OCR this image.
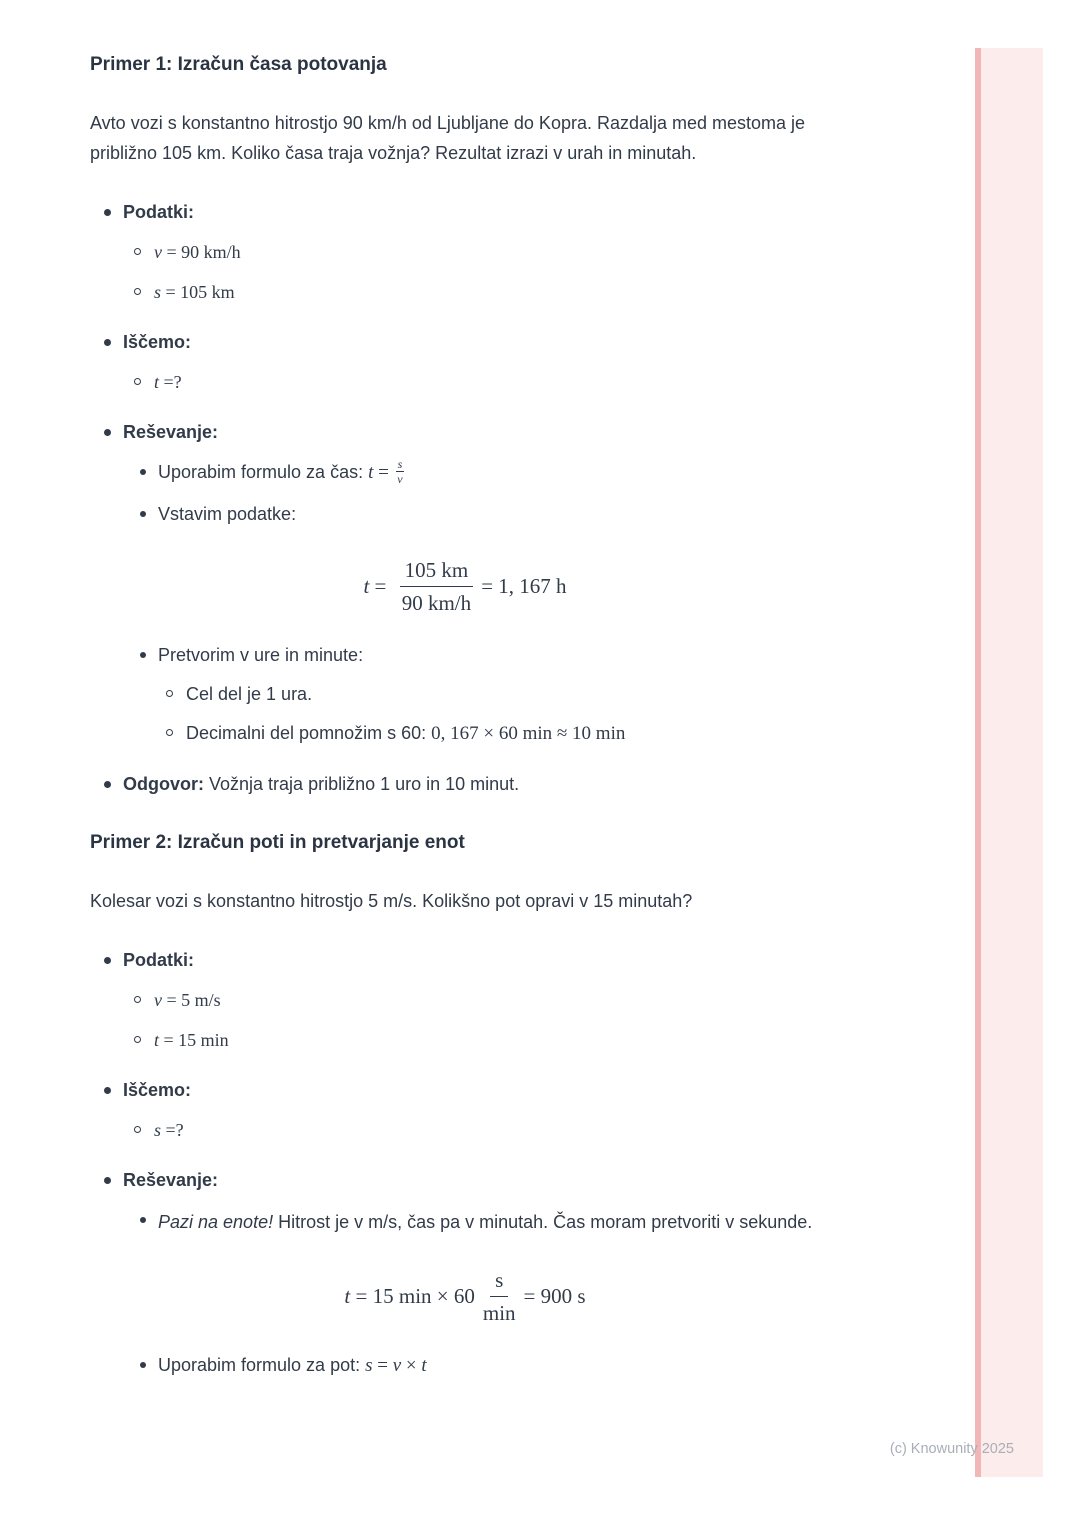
(c) Knowunity 2025
Primer 1: Izračun časa potovanja

Avto vozi s konstantno hitrostjo 90 km/h od Ljubljane do Kopra. Razdalja med mestoma je približno 105 km. Koliko časa traja vožnja? Rezultat izrazi v urah in minutah.

Podatki:
v = 90 km/h
s = 105 km
Iščemo:
t =?
Reševanje:
Uporabim formulo za čas: $t = \frac{s}{v}$
Vstavim podatke:
$t = \frac{105 km}{90 km/h} = 1$, 167 h
Pretvorim v ure in minute:
Cel del je 1 ura.
Decimalni del pomnožim s 60: 0, 167 × 60 min ≈ 10 min
Odgovor: Vožnja traja približno 1 uro in 10 minut.
Primer 2: Izračun poti in pretvarjanje enot

Kolesar vozi s konstantno hitrostjo 5 m/s. Kolikšno pot opravi v 15 minutah?

Podatki:
v = 5 m/s
t = 15 min
Iščemo:
s =?
Reševanje:
Pazi na enote! Hitrost je v m/s, čas pa v minutah. Čas moram pretvoriti v sekunde.
t = 15 $\min \times 60 \frac{s}{\min} = 900$ s
Uporabim formulo za pot: s = v × t
